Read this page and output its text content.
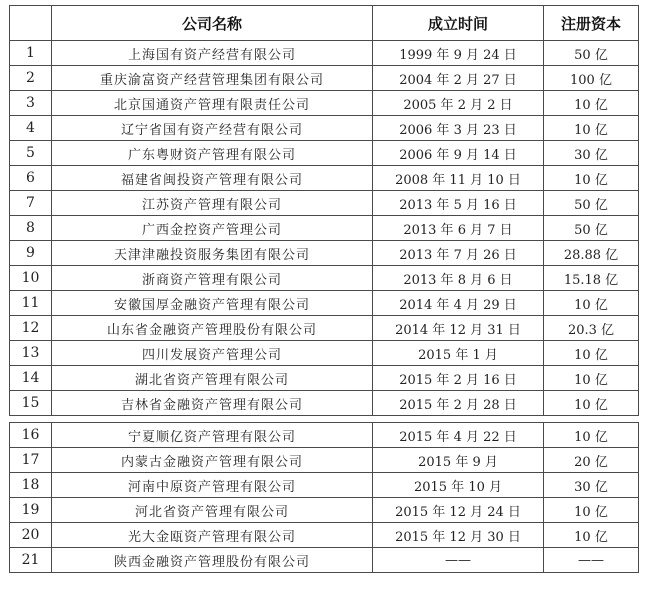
	公司名称	成立时间	注册资本
1	上海国有资产经营有限公司	1999 年 9 月 24 日	50 亿
2	重庆渝富资产经营管理集团有限公司	2004 年 2 月 27 日	100 亿
3	北京国通资产管理有限责任公司	2005 年 2 月 2 日	10 亿
4	辽宁省国有资产经营有限公司	2006 年 3 月 23 日	10 亿
5	广东粤财资产管理有限公司	2006 年 9 月 14 日	30 亿
6	福建省闽投资产管理有限公司	2008 年 11 月 10 日	10 亿
7	江苏资产管理有限公司	2013 年 5 月 16 日	50 亿
8	广西金控资产管理公司	2013 年 6 月 7 日	50 亿
9	天津津融投资服务集团有限公司	2013 年 7 月 26 日	28.88 亿
10	浙商资产管理有限公司	2013 年 8 月 6 日	15.18 亿
11	安徽国厚金融资产管理有限公司	2014 年 4 月 29 日	10 亿
12	山东省金融资产管理股份有限公司	2014 年 12 月 31 日	20.3 亿
13	四川发展资产管理公司	2015 年 1 月	10 亿
14	湖北省资产管理有限公司	2015 年 2 月 16 日	10 亿
15	吉林省金融资产管理有限公司	2015 年 2 月 28 日	10 亿

16	宁夏顺亿资产管理有限公司	2015 年 4 月 22 日	10 亿
17	内蒙古金融资产管理有限公司	2015 年 9 月	20 亿
18	河南中原资产管理有限公司	2015 年 10 月	30 亿
19	河北省资产管理有限公司	2015 年 12 月 24 日	10 亿
20	光大金瓯资产管理有限公司	2015 年 12 月 30 日	10 亿
21	陕西金融资产管理股份有限公司	——	——
